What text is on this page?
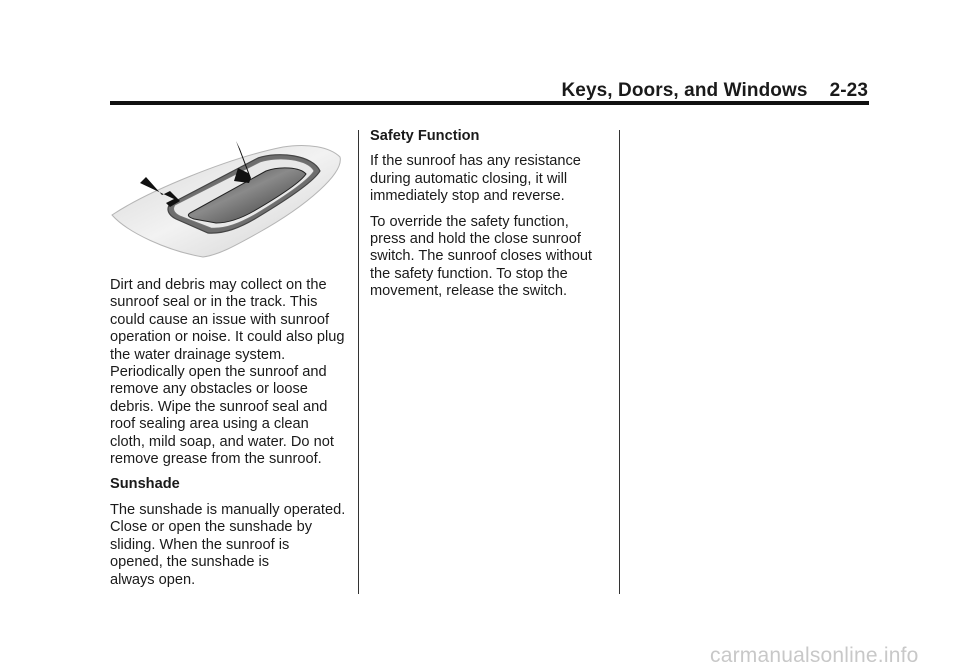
Keys, Doors, and Windows 2-23

Dirt and debris may collect on the
sunroof seal or in the track. This
could cause an issue with sunroof
operation or noise. It could also plug
the water drainage system.
Periodically open the sunroof and
remove any obstacles or loose
debris. Wipe the sunroof seal and
roof sealing area using a clean
cloth, mild soap, and water. Do not
remove grease from the sunroof.

Sunshade

The sunshade is manually operated.
Close or open the sunshade by
sliding. When the sunroof is
opened, the sunshade is
always open.

Safety Function

If the sunroof has any resistance
during automatic closing, it will
immediately stop and reverse.

To override the safety function,
press and hold the close sunroof
switch. The sunroof closes without
the safety function. To stop the
movement, release the switch.

carmanualsonline.info
